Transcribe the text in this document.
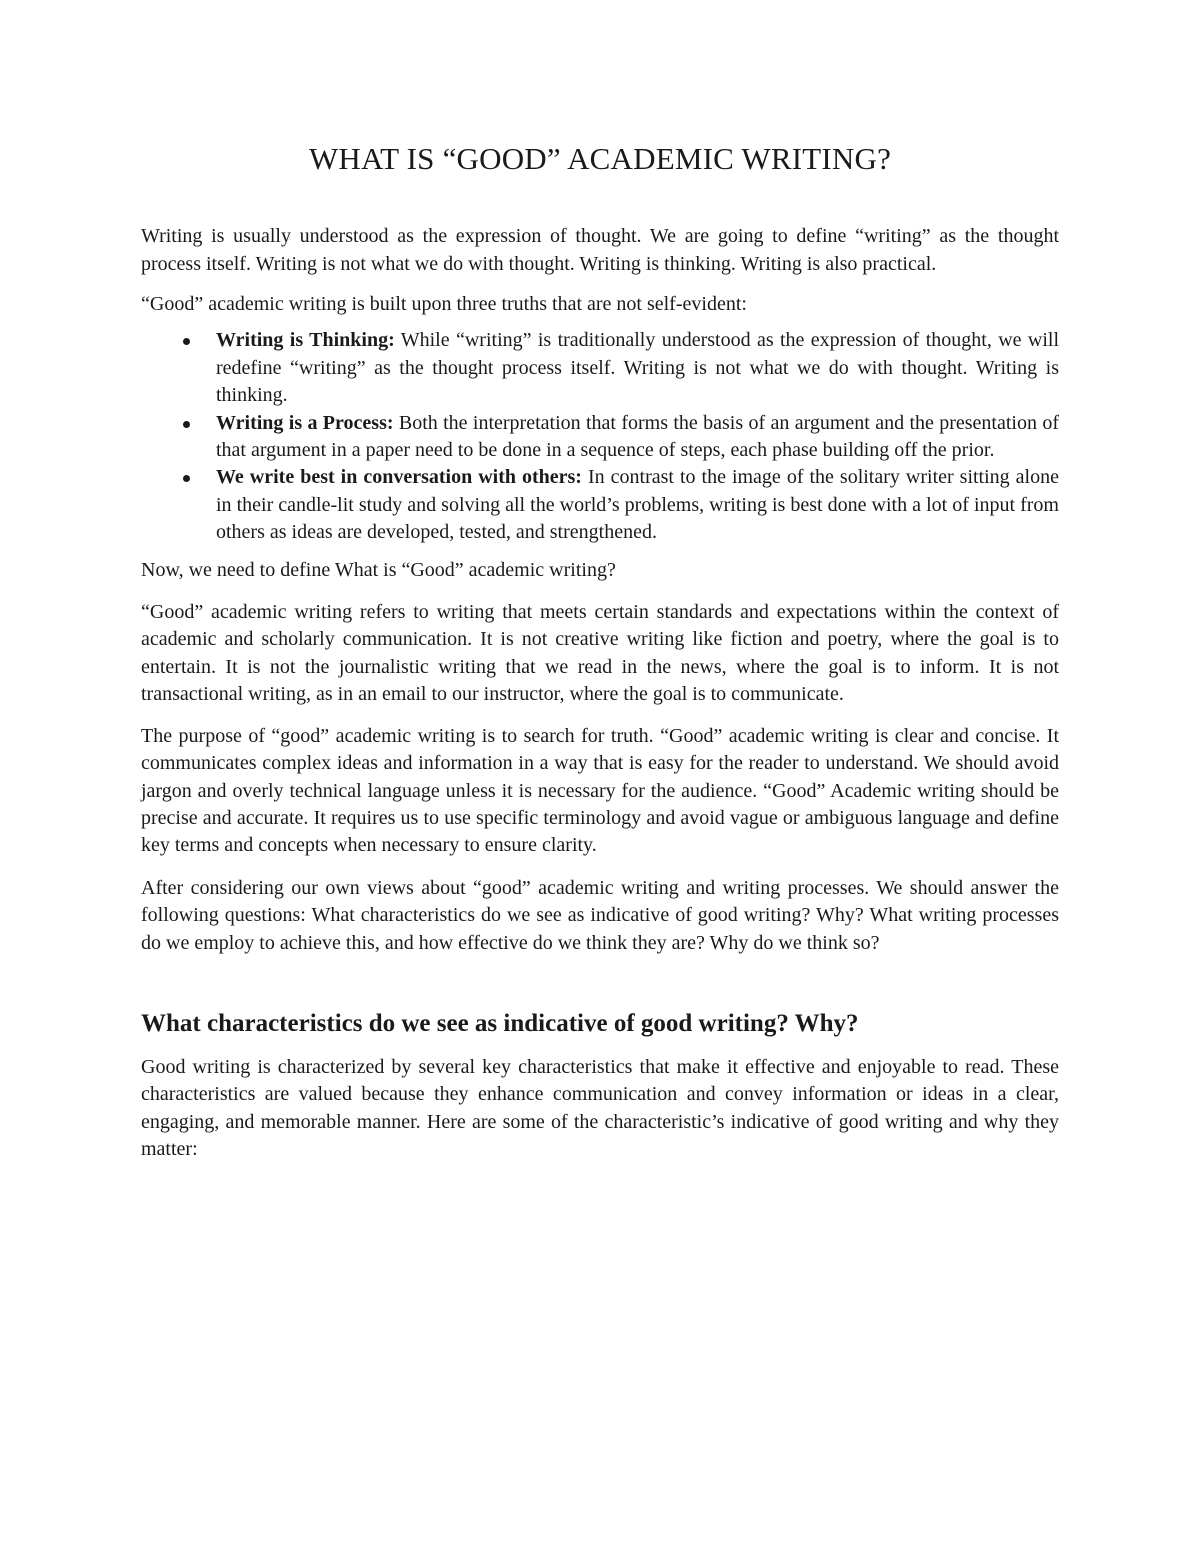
WHAT IS “GOOD” ACADEMIC WRITING?

Writing is usually understood as the expression of thought. We are going to define “writing” as the thought process itself. Writing is not what we do with thought. Writing is thinking. Writing is also practical.

“Good” academic writing is built upon three truths that are not self-evident:

Writing is Thinking: While “writing” is traditionally understood as the expression of thought, we will redefine “writing” as the thought process itself. Writing is not what we do with thought. Writing is thinking.
Writing is a Process: Both the interpretation that forms the basis of an argument and the presentation of that argument in a paper need to be done in a sequence of steps, each phase building off the prior.
We write best in conversation with others: In contrast to the image of the solitary writer sitting alone in their candle-lit study and solving all the world’s problems, writing is best done with a lot of input from others as ideas are developed, tested, and strengthened.

Now, we need to define What is “Good” academic writing?

“Good” academic writing refers to writing that meets certain standards and expectations within the context of academic and scholarly communication. It is not creative writing like fiction and poetry, where the goal is to entertain. It is not the journalistic writing that we read in the news, where the goal is to inform. It is not transactional writing, as in an email to our instructor, where the goal is to communicate.

The purpose of “good” academic writing is to search for truth. “Good” academic writing is clear and concise. It communicates complex ideas and information in a way that is easy for the reader to understand. We should avoid jargon and overly technical language unless it is necessary for the audience. “Good” Academic writing should be precise and accurate. It requires us to use specific terminology and avoid vague or ambiguous language and define key terms and concepts when necessary to ensure clarity.

After considering our own views about “good” academic writing and writing processes. We should answer the following questions: What characteristics do we see as indicative of good writing? Why? What writing processes do we employ to achieve this, and how effective do we think they are? Why do we think so?

What characteristics do we see as indicative of good writing? Why?

Good writing is characterized by several key characteristics that make it effective and enjoyable to read. These characteristics are valued because they enhance communication and convey information or ideas in a clear, engaging, and memorable manner. Here are some of the characteristic’s indicative of good writing and why they matter:
